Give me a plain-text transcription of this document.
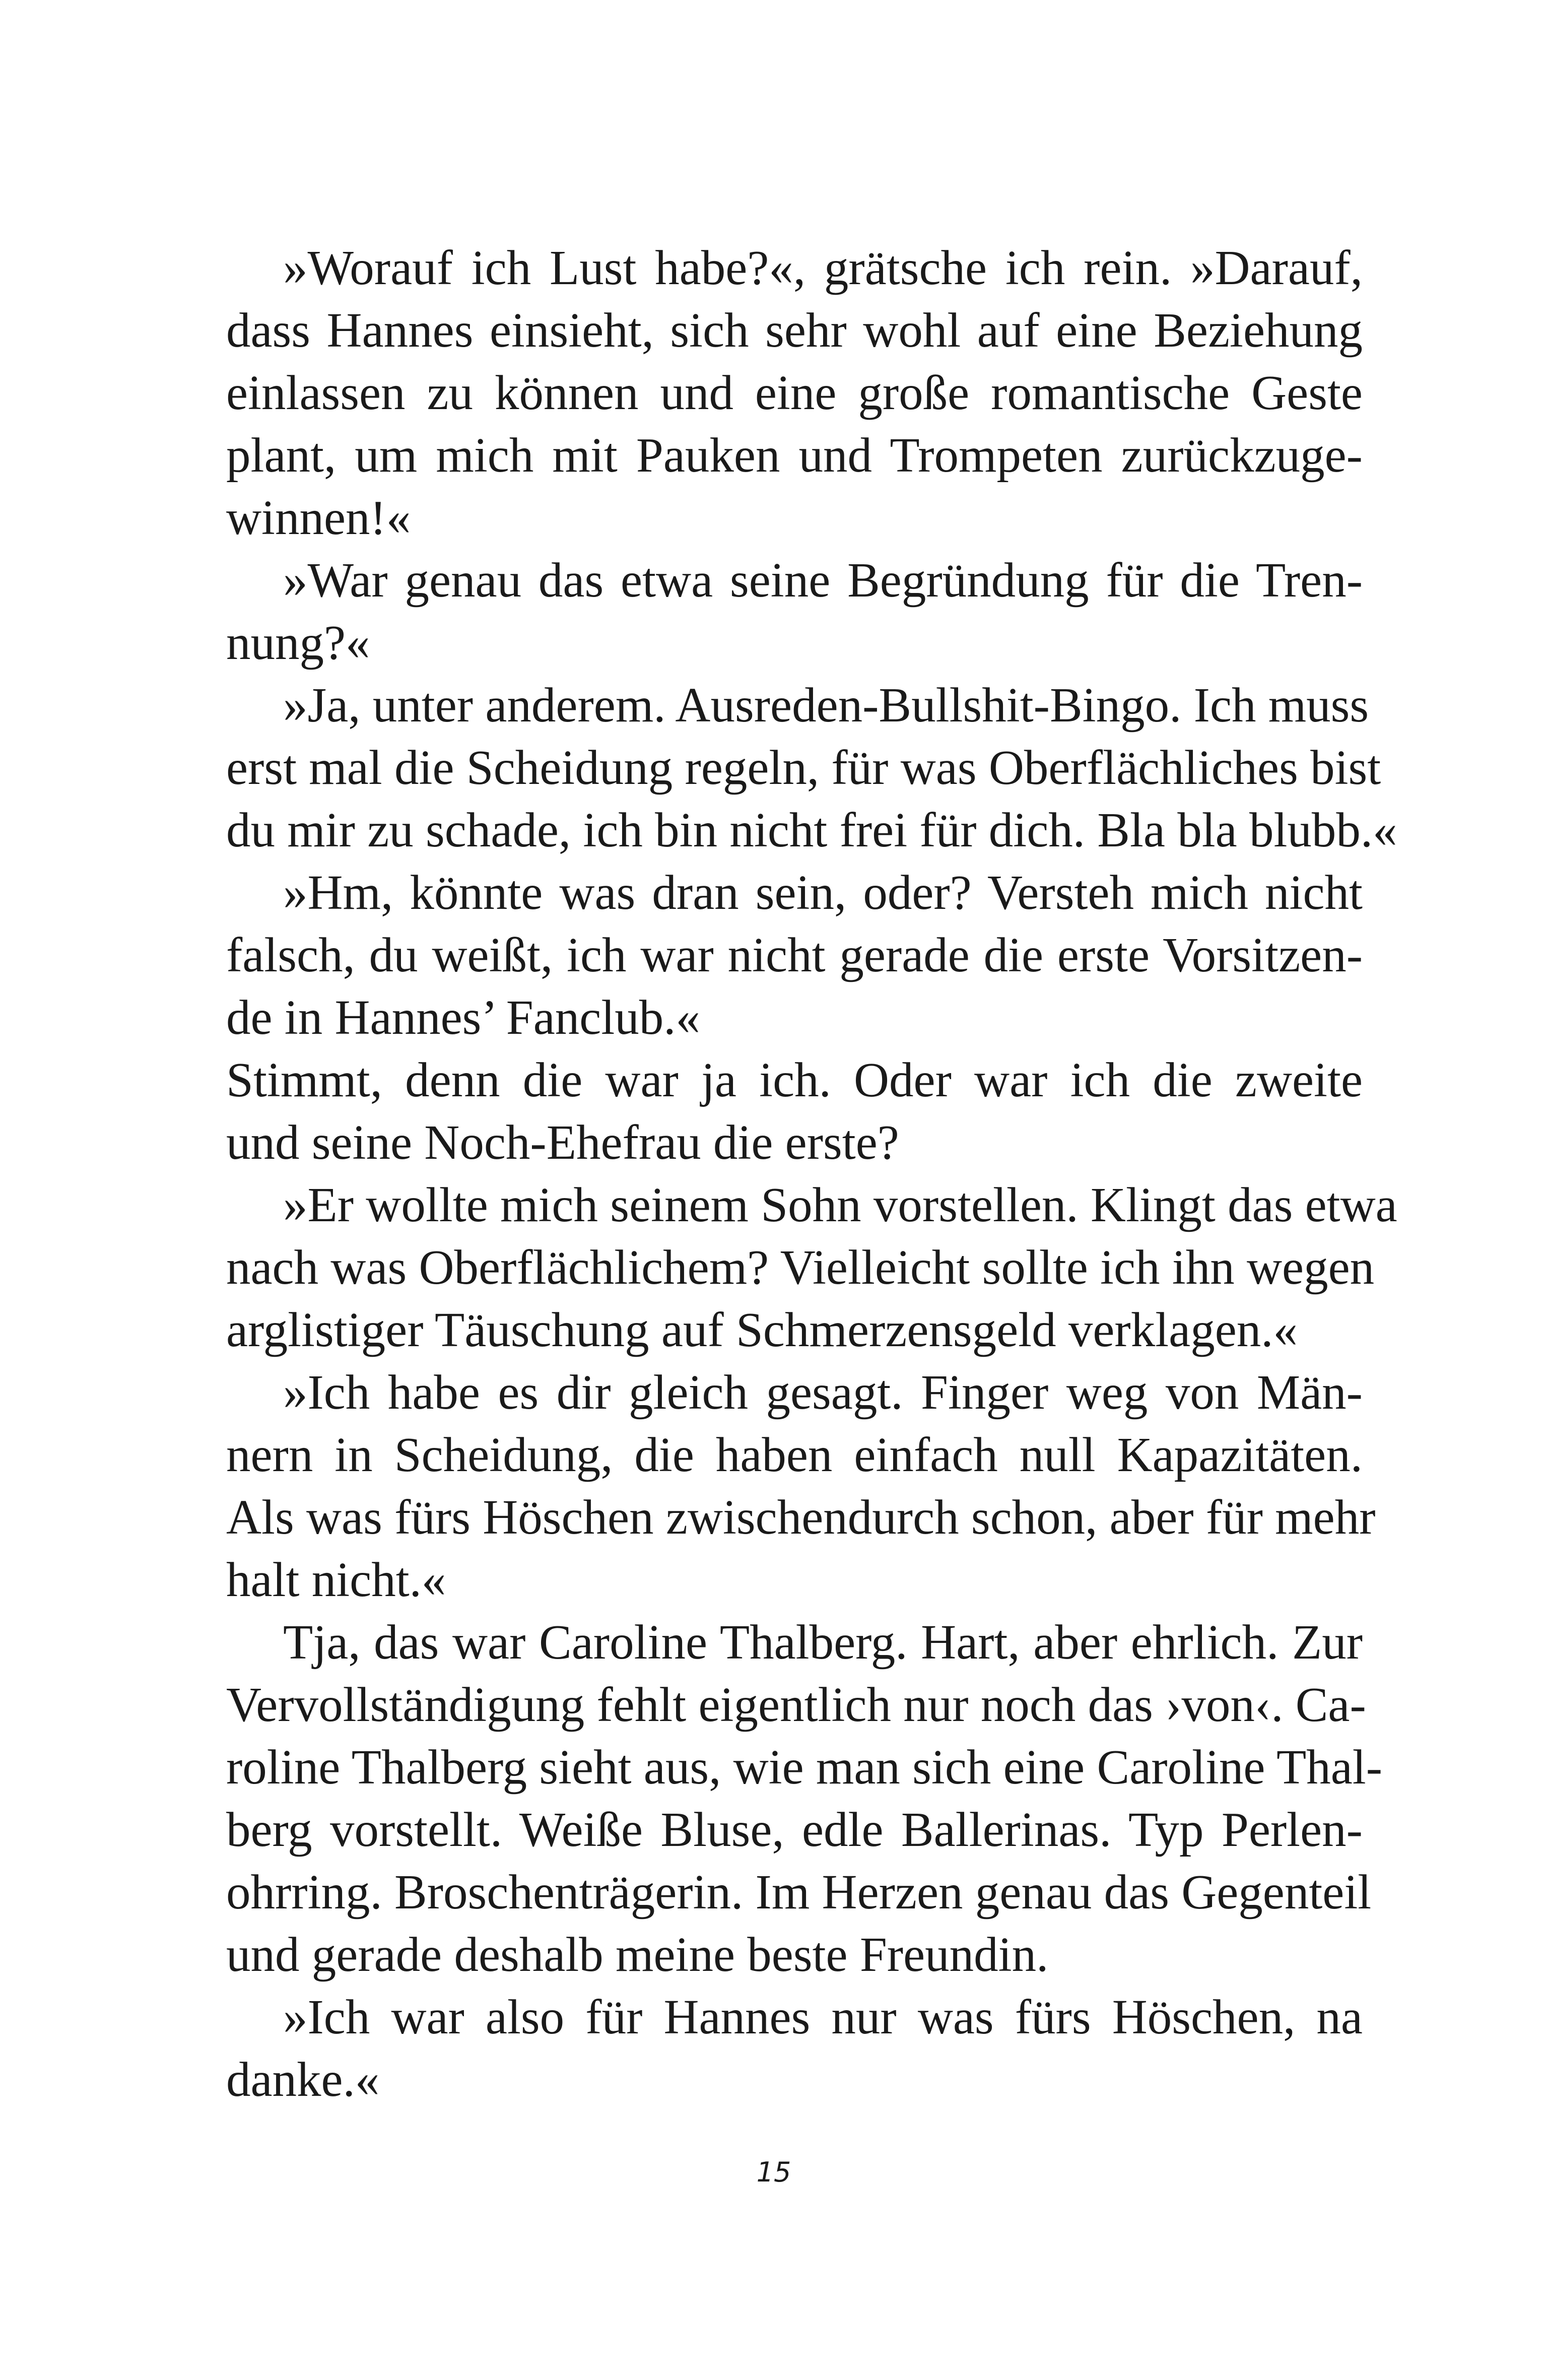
»Worauf ich Lust habe?«, grätsche ich rein. »Darauf,
dass Hannes einsieht, sich sehr wohl auf eine Beziehung
einlassen zu können und eine große romantische Geste
plant, um mich mit Pauken und Trompeten zurückzuge-
winnen!«
»War genau das etwa seine Begründung für die Tren-
nung?«
»Ja, unter anderem. Ausreden-Bullshit-Bingo. Ich muss
erst mal die Scheidung regeln, für was Oberflächliches bist
du mir zu schade, ich bin nicht frei für dich. Bla bla blubb.«
»Hm, könnte was dran sein, oder? Versteh mich nicht
falsch, du weißt, ich war nicht gerade die erste Vorsitzen-
de in Hannes’ Fanclub.«
Stimmt, denn die war ja ich. Oder war ich die zweite
und seine Noch-Ehefrau die erste?
»Er wollte mich seinem Sohn vorstellen. Klingt das etwa
nach was Oberflächlichem? Vielleicht sollte ich ihn wegen
arglistiger Täuschung auf Schmerzensgeld verklagen.«
»Ich habe es dir gleich gesagt. Finger weg von Män-
nern in Scheidung, die haben einfach null Kapazitäten.
Als was fürs Höschen zwischendurch schon, aber für mehr
halt nicht.«
Tja, das war Caroline Thalberg. Hart, aber ehrlich. Zur
Vervollständigung fehlt eigentlich nur noch das ›von‹. Ca-
roline Thalberg sieht aus, wie man sich eine Caroline Thal-
berg vorstellt. Weiße Bluse, edle Ballerinas. Typ Perlen-
ohrring. Broschenträgerin. Im Herzen genau das Gegenteil
und gerade deshalb meine beste Freundin.
»Ich war also für Hannes nur was fürs Höschen, na
danke.«
15
